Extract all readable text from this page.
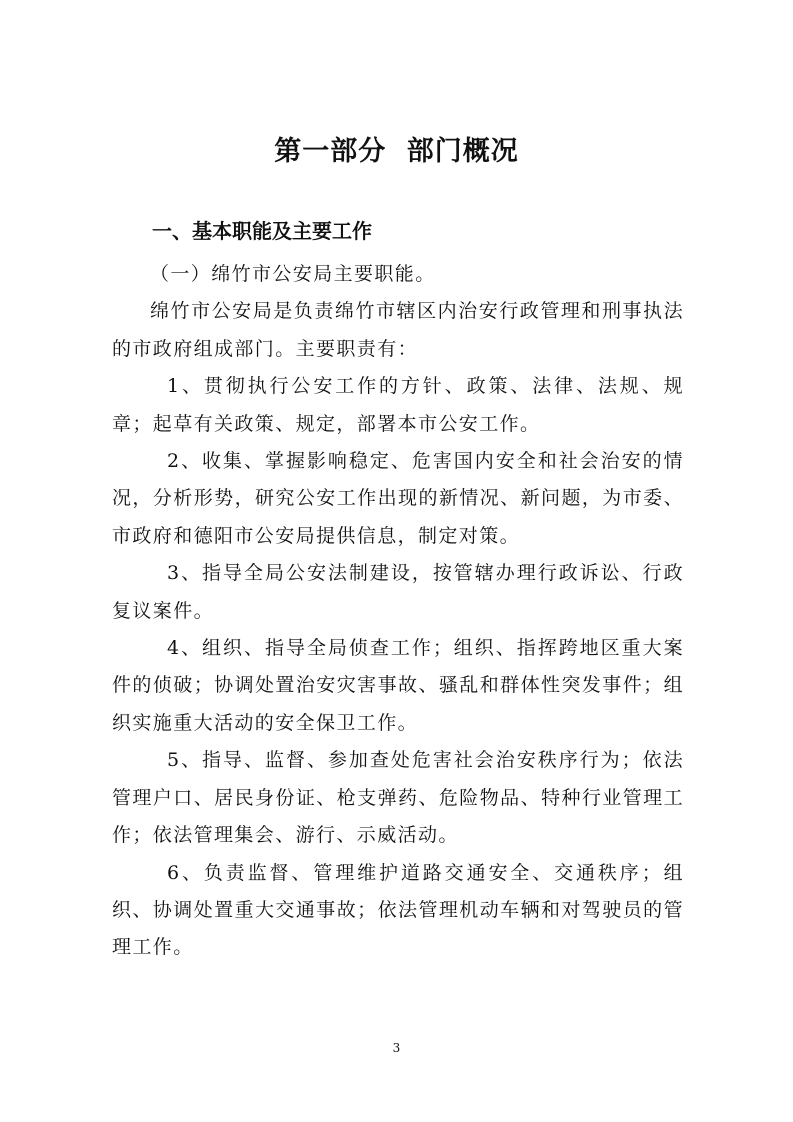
第一部分 部门概况
一、基本职能及主要工作

（一）绵竹市公安局主要职能。

绵竹市公安局是负责绵竹市辖区内治安行政管理和刑事执法的市政府组成部门。主要职责有：

1、贯彻执行公安工作的方针、政策、法律、法规、规章；起草有关政策、规定，部署本市公安工作。

2、收集、掌握影响稳定、危害国内安全和社会治安的情况，分析形势，研究公安工作出现的新情况、新问题，为市委、市政府和德阳市公安局提供信息，制定对策。

3、指导全局公安法制建设，按管辖办理行政诉讼、行政复议案件。

4、组织、指导全局侦查工作；组织、指挥跨地区重大案件的侦破；协调处置治安灾害事故、骚乱和群体性突发事件；组织实施重大活动的安全保卫工作。

5、指导、监督、参加查处危害社会治安秩序行为；依法管理户口、居民身份证、枪支弹药、危险物品、特种行业管理工作；依法管理集会、游行、示威活动。

6、负责监督、管理维护道路交通安全、交通秩序；组织、协调处置重大交通事故；依法管理机动车辆和对驾驶员的管理工作。

3
